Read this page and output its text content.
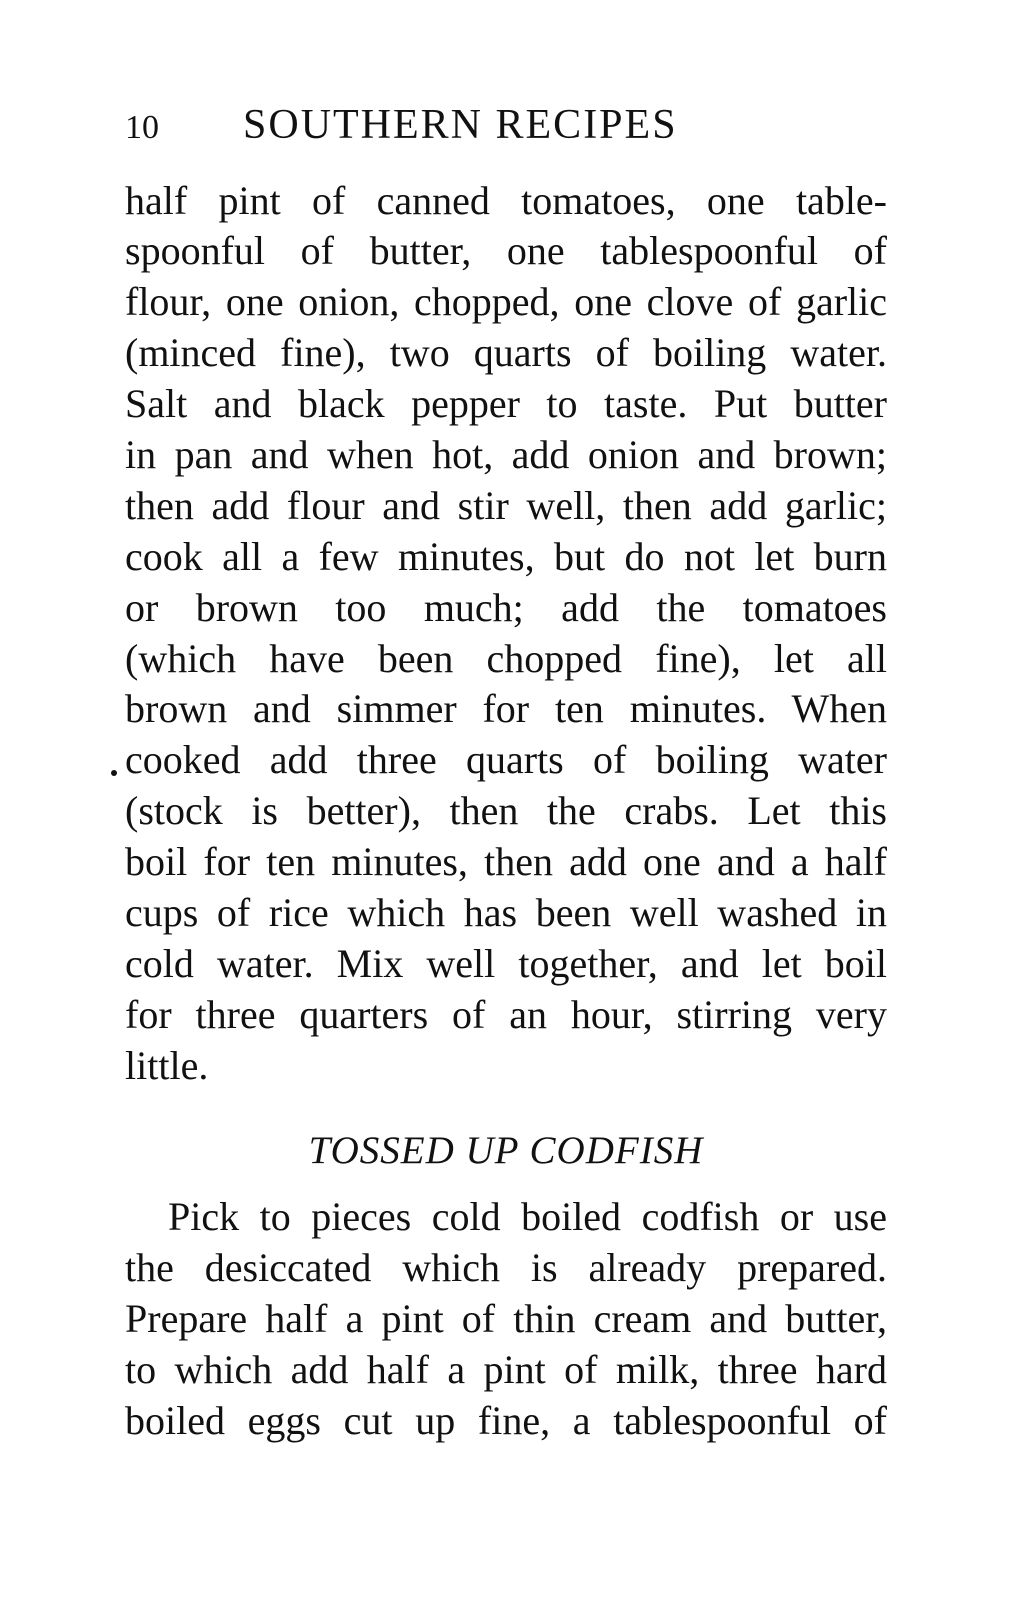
10 SOUTHERN RECIPES
half pint of canned tomatoes, one table-
spoonful of butter, one tablespoonful of
flour, one onion, chopped, one clove of garlic
(minced fine), two quarts of boiling water.
Salt and black pepper to taste. Put butter
in pan and when hot, add onion and brown;
then add flour and stir well, then add garlic;
cook all a few minutes, but do not let burn
or brown too much; add the tomatoes
(which have been chopped fine), let all
brown and simmer for ten minutes. When
cooked add three quarts of boiling water
(stock is better), then the crabs. Let this
boil for ten minutes, then add one and a half
cups of rice which has been well washed in
cold water. Mix well together, and let boil
for three quarters of an hour, stirring very
little.
TOSSED UP CODFISH
Pick to pieces cold boiled codfish or use
the desiccated which is already prepared.
Prepare half a pint of thin cream and butter,
to which add half a pint of milk, three hard
boiled eggs cut up fine, a tablespoonful of
